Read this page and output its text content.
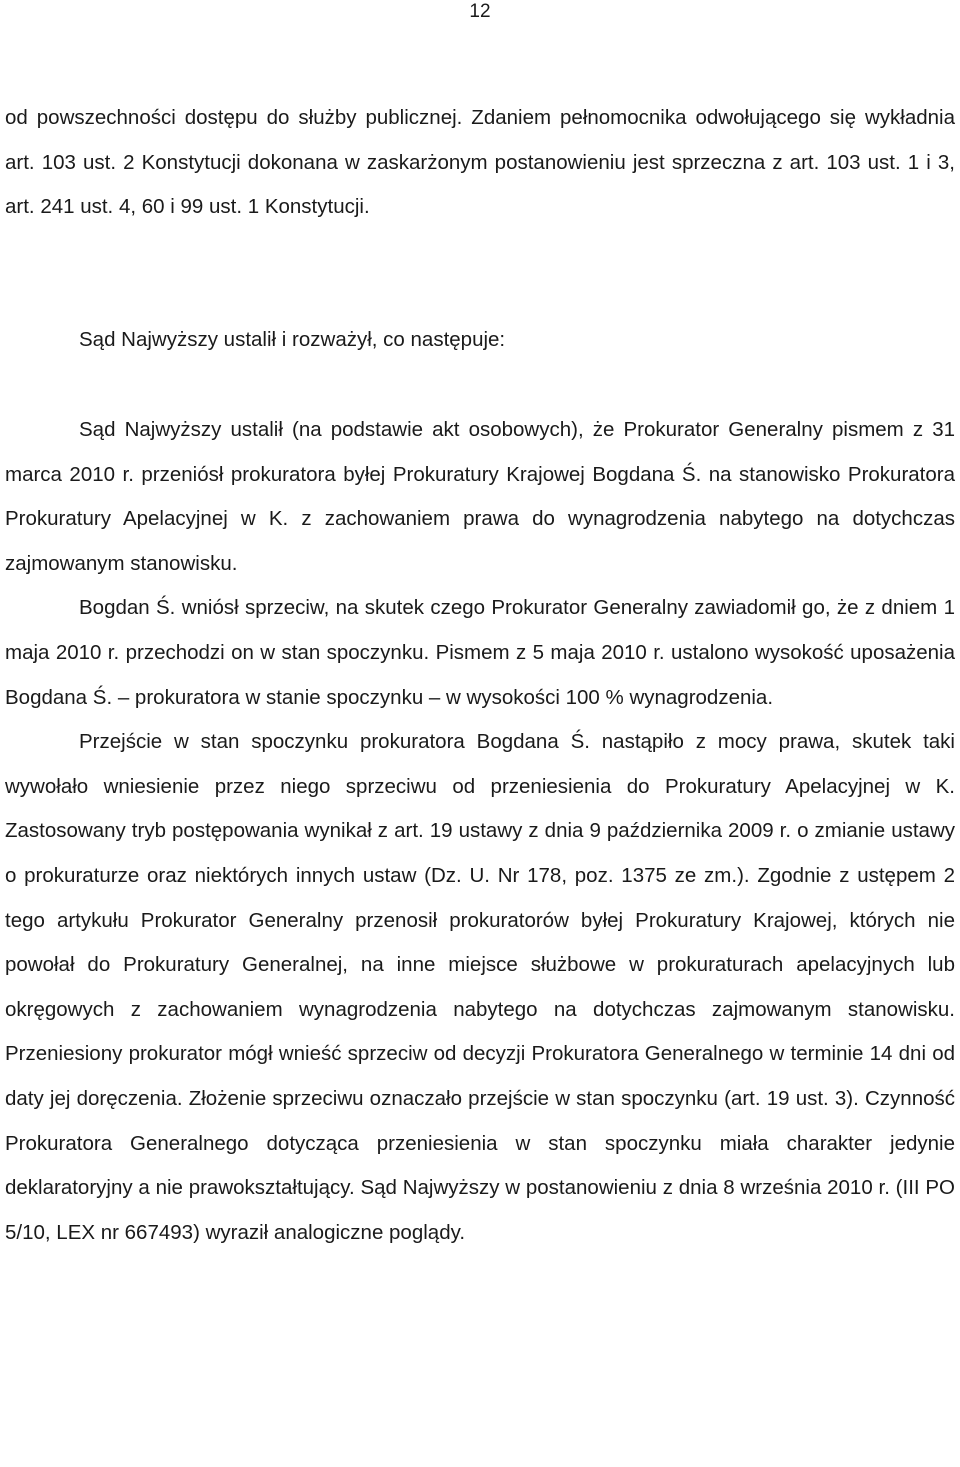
12

od powszechności dostępu do służby publicznej. Zdaniem pełnomocnika odwołującego się wykładnia art. 103 ust. 2 Konstytucji dokonana w zaskarżonym postanowieniu jest sprzeczna z art. 103 ust. 1 i 3, art. 241 ust. 4, 60 i 99 ust. 1 Konstytucji.

Sąd Najwyższy ustalił i rozważył, co następuje:

Sąd Najwyższy ustalił (na podstawie akt osobowych), że Prokurator Generalny pismem z 31 marca 2010 r. przeniósł prokuratora byłej Prokuratury Krajowej Bogdana Ś. na stanowisko Prokuratora Prokuratury Apelacyjnej w K. z zachowaniem prawa do wynagrodzenia nabytego na dotychczas zajmowanym stanowisku.

Bogdan Ś. wniósł sprzeciw, na skutek czego Prokurator Generalny zawiadomił go, że z dniem 1 maja 2010 r. przechodzi on w stan spoczynku. Pismem z 5 maja 2010 r. ustalono wysokość uposażenia Bogdana Ś. – prokuratora w stanie spoczynku – w wysokości 100 % wynagrodzenia.

Przejście w stan spoczynku prokuratora Bogdana Ś. nastąpiło z mocy prawa, skutek taki wywołało wniesienie przez niego sprzeciwu od przeniesienia do Prokuratury Apelacyjnej w K. Zastosowany tryb postępowania wynikał z art. 19 ustawy z dnia 9 października 2009 r. o zmianie ustawy o prokuraturze oraz niektórych innych ustaw (Dz. U. Nr 178, poz. 1375 ze zm.). Zgodnie z ustępem 2 tego artykułu Prokurator Generalny przenosił prokuratorów byłej Prokuratury Krajowej, których nie powołał do Prokuratury Generalnej, na inne miejsce służbowe w prokuraturach apelacyjnych lub okręgowych z zachowaniem wynagrodzenia nabytego na dotychczas zajmowanym stanowisku. Przeniesiony prokurator mógł wnieść sprzeciw od decyzji Prokuratora Generalnego w terminie 14 dni od daty jej doręczenia. Złożenie sprzeciwu oznaczało przejście w stan spoczynku (art. 19 ust. 3). Czynność Prokuratora Generalnego dotycząca przeniesienia w stan spoczynku miała charakter jedynie deklaratoryjny a nie prawokształtujący. Sąd Najwyższy w postanowieniu z dnia 8 września 2010 r. (III PO 5/10, LEX nr 667493) wyraził analogiczne poglądy.
